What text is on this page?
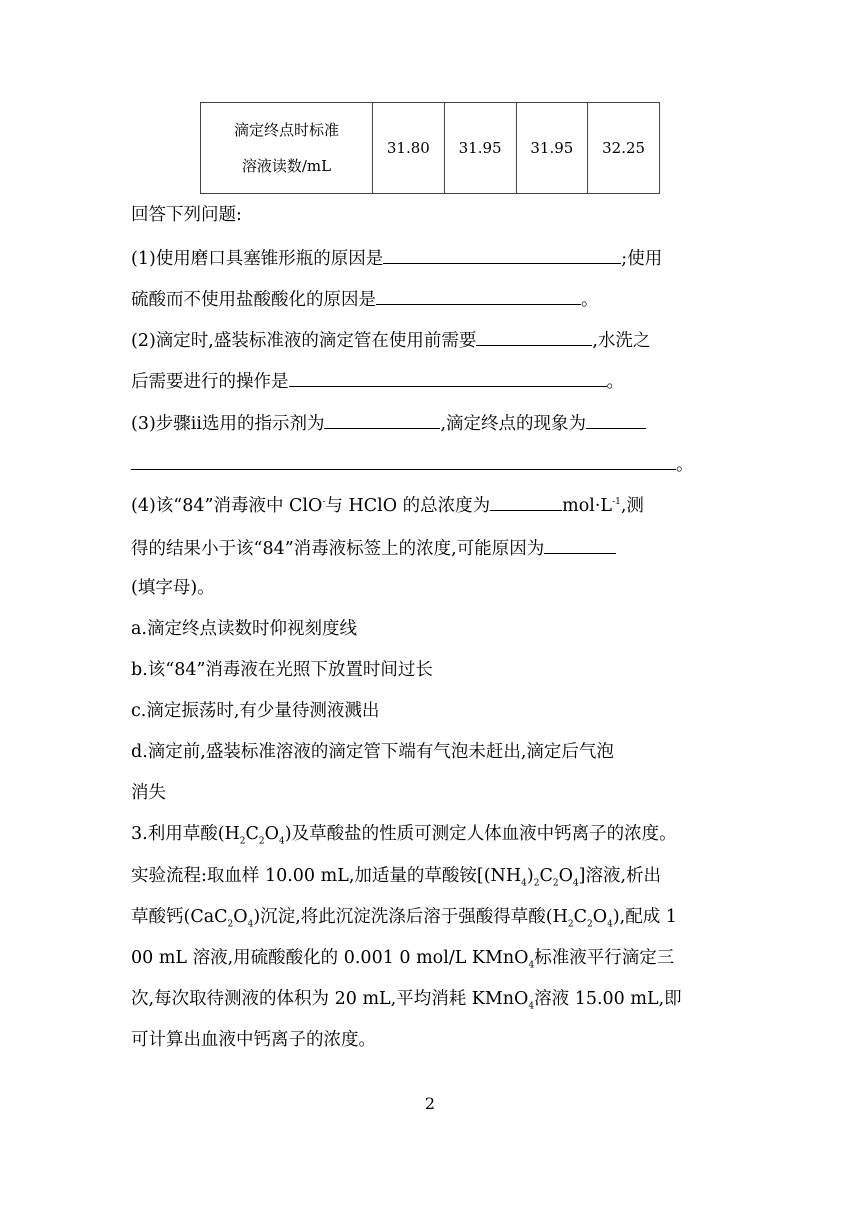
滴定终点时标准
溶液读数/mL
	31.80	31.95	31.95	32.25
回答下列问题:
(1)使用磨口具塞锥形瓶的原因是	;使用
硫酸而不使用盐酸酸化的原因是	。
(2)滴定时,盛装标准液的滴定管在使用前需要	,水洗之
后需要进行的操作是	。
(3)步骤ⅱ选用的指示剂为	,滴定终点的现象为
。
(4)该“84”消毒液中 ClO-与 HClO 的总浓度为	$mol\cdot L^{-1}$,测
得的结果小于该“84”消毒液标签上的浓度,可能原因为
(填字母)。
a.滴定终点读数时仰视刻度线
b.该“84”消毒液在光照下放置时间过长
c.滴定振荡时,有少量待测液溅出
d.滴定前,盛装标准溶液的滴定管下端有气泡未赶出,滴定后气泡
消失
3.利用草酸$(H_2C_2O_4)$及草酸盐的性质可测定人体血液中钙离子的浓度。
实验流程:取血样 10.00 mL,加适量的草酸铵$[(NH_4)_2C_2O_4]$溶液,析出
草酸钙$(CaC_2O_4)$沉淀,将此沉淀洗涤后溶于强酸得草酸$(H_2C_2O_4)$,配成 1
00 mL 溶液,用硫酸酸化的 0.001 0 mol/L KMnO$_4$标准液平行滴定三
次,每次取待测液的体积为 20 mL,平均消耗 KMnO$_4$溶液 15.00 mL,即
可计算出血液中钙离子的浓度。
2
